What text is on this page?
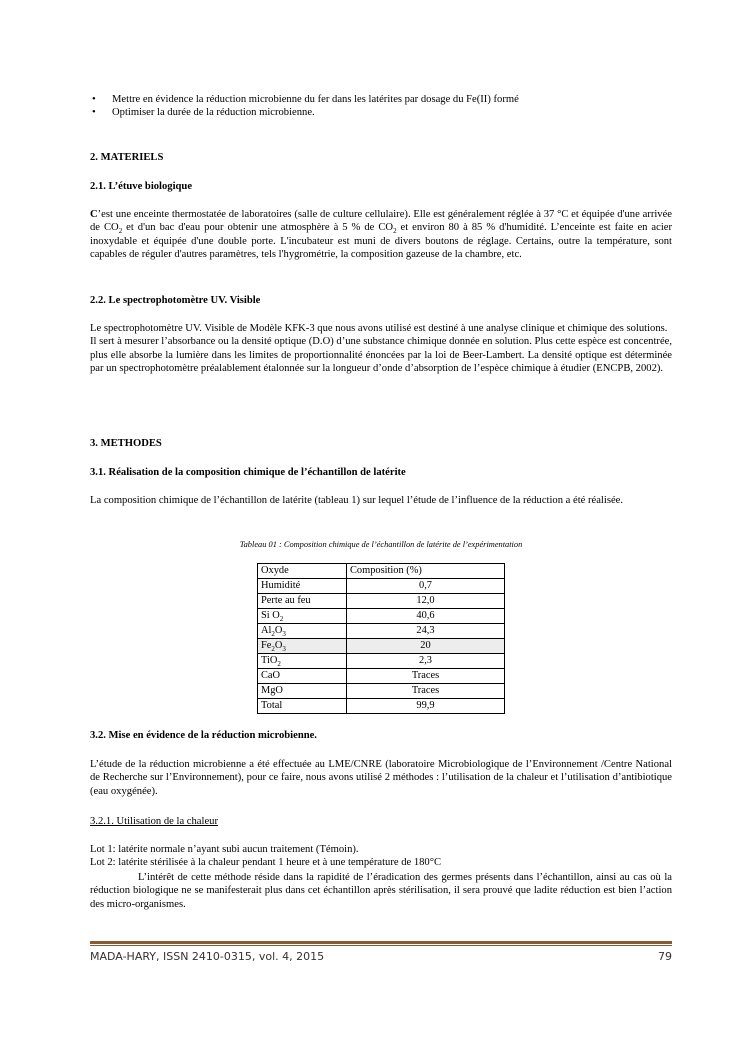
• Mettre en évidence la réduction microbienne du fer dans les latérites par dosage du Fe(II) formé
• Optimiser la durée de la réduction microbienne.
2. MATERIELS
2.1. L’étuve biologique

C’est une enceinte thermostatée de laboratoires (salle de culture cellulaire). Elle est généralement réglée à 37 °C et équipée d'une arrivée de $CO_2$ et d'un bac d'eau pour obtenir une atmosphère à 5 % de $CO_2$ et environ 80 à 85 % d'humidité. L’enceinte est faite en acier inoxydable et équipée d'une double porte. L'incubateur est muni de divers boutons de réglage. Certains, outre la température, sont capables de réguler d'autres paramètres, tels l'hygrométrie, la composition gazeuse de la chambre, etc.

2.2. Le spectrophotomètre UV. Visible

Le spectrophotomètre UV. Visible de Modèle KFK-3 que nous avons utilisé est destiné à une analyse clinique et chimique des solutions.

Il sert à mesurer l’absorbance ou la densité optique (D.O) d’une substance chimique donnée en solution. Plus cette espèce est concentrée, plus elle absorbe la lumière dans les limites de proportionnalité énoncées par la loi de Beer-Lambert. La densité optique est déterminée par un spectrophotomètre préalablement étalonnée sur la longueur d’onde d’absorption de l’espèce chimique à étudier (ENCPB, 2002).

3. METHODES
3.1. Réalisation de la composition chimique de l’échantillon de latérite

La composition chimique de l’échantillon de latérite (tableau 1) sur lequel l’étude de l’influence de la réduction a été réalisée.

Tableau 01 : Composition chimique de l’échantillon de latérite de l’expérimentation
Oxyde	Composition (%)
Humidité	0,7
Perte au feu	12,0
Si $O_2$	40,6
$Al_2O_3$	24,3
$Fe_2O_3$	20
TiO$_2$	2,3
CaO	Traces
MgO	Traces
Total	99,9
3.2. Mise en évidence de la réduction microbienne.

L’étude de la réduction microbienne a été effectuée au LME/CNRE (laboratoire Microbiologique de l’Environnement /Centre National de Recherche sur l’Environnement), pour ce faire, nous avons utilisé 2 méthodes : l’utilisation de la chaleur et l’utilisation d’antibiotique (eau oxygénée).

3.2.1. Utilisation de la chaleur
Lot 1: latérite normale n’ayant subi aucun traitement (Témoin).
Lot 2: latérite stérilisée à la chaleur pendant 1 heure et à une température de 180°C

L’intérêt de cette méthode réside dans la rapidité de l’éradication des germes présents dans l’échantillon, ainsi au cas où la réduction biologique ne se manifesterait plus dans cet échantillon après stérilisation, il sera prouvé que ladite réduction est bien l’action des micro-organismes.

MADA-HARY, ISSN 2410-0315, vol. 4, 2015	79
